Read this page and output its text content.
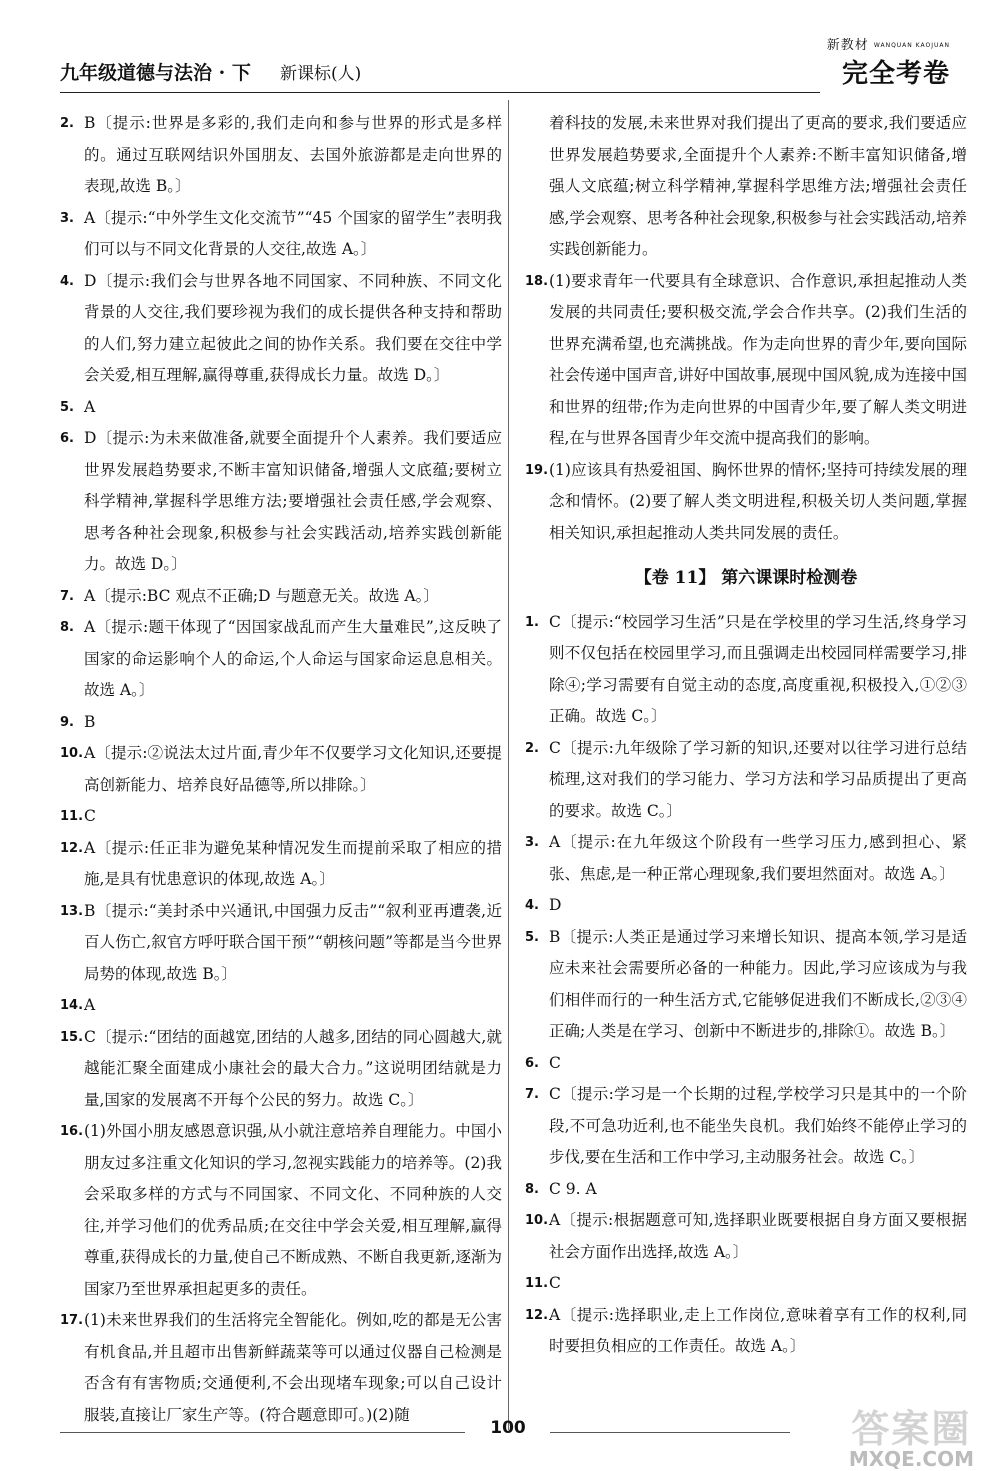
九年级道德与法治 · 下 新课标(人)
新教材 WANQUAN KAOJUAN
完全考卷
2. B〔提示:世界是多彩的,我们走向和参与世界的形式是多样的。通过互联网结识外国朋友、去国外旅游都是走向世界的表现,故选 B。〕
3. A〔提示:“中外学生文化交流节”“45 个国家的留学生”表明我们可以与不同文化背景的人交往,故选 A。〕
4. D〔提示:我们会与世界各地不同国家、不同种族、不同文化背景的人交往,我们要珍视为我们的成长提供各种支持和帮助的人们,努力建立起彼此之间的协作关系。我们要在交往中学会关爱,相互理解,赢得尊重,获得成长力量。故选 D。〕
5. A
6. D〔提示:为未来做准备,就要全面提升个人素养。我们要适应世界发展趋势要求,不断丰富知识储备,增强人文底蕴;要树立科学精神,掌握科学思维方法;要增强社会责任感,学会观察、思考各种社会现象,积极参与社会实践活动,培养实践创新能力。故选 D。〕
7. A〔提示:BC 观点不正确;D 与题意无关。故选 A。〕
8. A〔提示:题干体现了“因国家战乱而产生大量难民”,这反映了国家的命运影响个人的命运,个人命运与国家命运息息相关。故选 A。〕
9. B
10. A〔提示:②说法太过片面,青少年不仅要学习文化知识,还要提高创新能力、培养良好品德等,所以排除。〕
11. C
12. A〔提示:任正非为避免某种情况发生而提前采取了相应的措施,是具有忧患意识的体现,故选 A。〕
13. B〔提示:“美封杀中兴通讯,中国强力反击”“叙利亚再遭袭,近百人伤亡,叙官方呼吁联合国干预”“朝核问题”等都是当今世界局势的体现,故选 B。〕
14. A
15. C〔提示:“团结的面越宽,团结的人越多,团结的同心圆越大,就越能汇聚全面建成小康社会的最大合力。”这说明团结就是力量,国家的发展离不开每个公民的努力。故选 C。〕
16. (1)外国小朋友感恩意识强,从小就注意培养自理能力。中国小朋友过多注重文化知识的学习,忽视实践能力的培养等。(2)我会采取多样的方式与不同国家、不同文化、不同种族的人交往,并学习他们的优秀品质;在交往中学会关爱,相互理解,赢得尊重,获得成长的力量,使自己不断成熟、不断自我更新,逐渐为国家乃至世界承担起更多的责任。
17. (1)未来世界我们的生活将完全智能化。例如,吃的都是无公害有机食品,并且超市出售新鲜蔬菜等可以通过仪器自己检测是否含有有害物质;交通便利,不会出现堵车现象;可以自己设计服装,直接让厂家生产等。(符合题意即可。)(2)随
着科技的发展,未来世界对我们提出了更高的要求,我们要适应世界发展趋势要求,全面提升个人素养:不断丰富知识储备,增强人文底蕴;树立科学精神,掌握科学思维方法;增强社会责任感,学会观察、思考各种社会现象,积极参与社会实践活动,培养实践创新能力。
18. (1)要求青年一代要具有全球意识、合作意识,承担起推动人类发展的共同责任;要积极交流,学会合作共享。(2)我们生活的世界充满希望,也充满挑战。作为走向世界的青少年,要向国际社会传递中国声音,讲好中国故事,展现中国风貌,成为连接中国和世界的纽带;作为走向世界的中国青少年,要了解人类文明进程,在与世界各国青少年交流中提高我们的影响。
19. (1)应该具有热爱祖国、胸怀世界的情怀;坚持可持续发展的理念和情怀。(2)要了解人类文明进程,积极关切人类问题,掌握相关知识,承担起推动人类共同发展的责任。
【卷 11】 第六课课时检测卷
1. C〔提示:“校园学习生活”只是在学校里的学习生活,终身学习则不仅包括在校园里学习,而且强调走出校园同样需要学习,排除④;学习需要有自觉主动的态度,高度重视,积极投入,①②③正确。故选 C。〕
2. C〔提示:九年级除了学习新的知识,还要对以往学习进行总结梳理,这对我们的学习能力、学习方法和学习品质提出了更高的要求。故选 C。〕
3. A〔提示:在九年级这个阶段有一些学习压力,感到担心、紧张、焦虑,是一种正常心理现象,我们要坦然面对。故选 A。〕
4. D
5. B〔提示:人类正是通过学习来增长知识、提高本领,学习是适应未来社会需要所必备的一种能力。因此,学习应该成为与我们相伴而行的一种生活方式,它能够促进我们不断成长,②③④正确;人类是在学习、创新中不断进步的,排除①。故选 B。〕
6. C
7. C〔提示:学习是一个长期的过程,学校学习只是其中的一个阶段,不可急功近利,也不能坐失良机。我们始终不能停止学习的步伐,要在生活和工作中学习,主动服务社会。故选 C。〕
8. C 9. A
10. A〔提示:根据题意可知,选择职业既要根据自身方面又要根据社会方面作出选择,故选 A。〕
11. C
12. A〔提示:选择职业,走上工作岗位,意味着享有工作的权利,同时要担负相应的工作责任。故选 A。〕
100	答案圈
MXQE.COM
